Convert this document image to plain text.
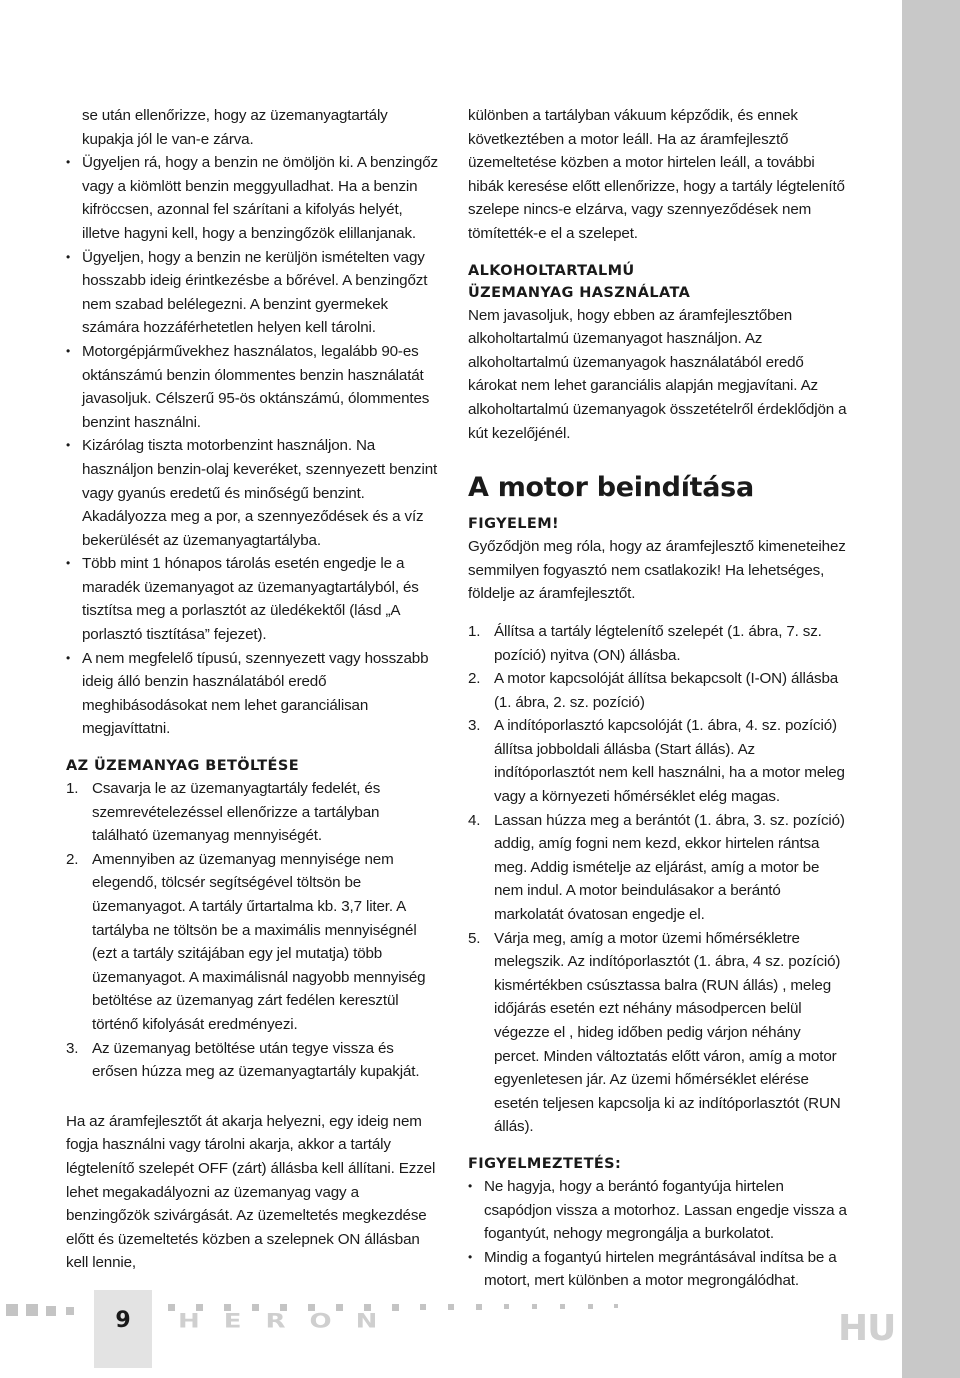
se után ellenőrizze, hogy az üzemanyagtartály kupakja jól le van-e zárva.

• Ügyeljen rá, hogy a benzin ne ömöljön ki. A benzingőz vagy a kiömlött benzin meggyulladhat. Ha a benzin kifröccsen, azonnal fel szárítani a kifolyás helyét, illetve hagyni kell, hogy a benzingőzök elillanjanak.
• Ügyeljen, hogy a benzin ne kerüljön ismételten vagy hosszabb ideig érintkezésbe a bőrével. A benzingőzt nem szabad belélegezni. A benzint gyermekek számára hozzáférhetetlen helyen kell tárolni.
• Motorgépjárművekhez használatos, legalább 90-es oktánszámú benzin ólommentes benzin használatát javasoljuk. Célszerű 95-ös oktánszámú, ólommentes benzint használni.
• Kizárólag tiszta motorbenzint használjon. Na használjon benzin-olaj keveréket, szennyezett benzint vagy gyanús eredetű és minőségű benzint. Akadályozza meg a por, a szennyeződések és a víz bekerülését az üzemanyagtartályba.
• Több mint 1 hónapos tárolás esetén engedje le a maradék üzemanyagot az üzemanyagtartályból, és tisztítsa meg a porlasztót az üledékektől (lásd „A porlasztó tisztítása” fejezet).
• A nem megfelelő típusú, szennyezett vagy hosszabb ideig álló benzin használatából eredő meghibásodásokat nem lehet garanciálisan megjavíttatni.
AZ ÜZEMANYAG BETÖLTÉSE
1. Csavarja le az üzemanyagtartály fedelét, és szemrevételezéssel ellenőrizze a tartályban található üzemanyag mennyiségét.
2. Amennyiben az üzemanyag mennyisége nem elegendő, tölcsér segítségével töltsön be üzemanyagot. A tartály űrtartalma kb. 3,7 liter. A tartályba ne töltsön be a maximális mennyiségnél (ezt a tartály szitájában egy jel mutatja) több üzemanyagot. A maximálisnál nagyobb mennyiség betöltése az üzemanyag zárt fedélen keresztül történő kifolyását eredményezi.
3. Az üzemanyag betöltése után tegye vissza és erősen húzza meg az üzemanyagtartály kupakját.

Ha az áramfejlesztőt át akarja helyezni, egy ideig nem fogja használni vagy tárolni akarja, akkor a tartály légtelenítő szelepét OFF (zárt) állásba kell állítani. Ezzel lehet megakadályozni az üzemanyag vagy a benzingőzök szivárgását. Az üzemeltetés megkezdése előtt és üzemeltetés közben a szelepnek ON állásban kell lennie,

különben a tartályban vákuum képződik, és ennek következtében a motor leáll. Ha az áramfejlesztő üzemeltetése közben a motor hirtelen leáll, a további hibák keresése előtt ellenőrizze, hogy a tartály légtelenítő szelepe nincs-e elzárva, vagy szennyeződések nem tömítették-e el a szelepet.

ALKOHOLTARTALMÚ
ÜZEMANYAG HASZNÁLATA

Nem javasoljuk, hogy ebben az áramfejlesztőben alkoholtartalmú üzemanyagot használjon. Az alkoholtartalmú üzemanyagok használatából eredő károkat nem lehet garanciális alapján megjavítani. Az alkoholtartalmú üzemanyagok összetételről érdeklődjön a kút kezelőjénél.

A motor beindítása
FIGYELEM!

Győződjön meg róla, hogy az áramfejlesztő kimeneteihez semmilyen fogyasztó nem csatlakozik! Ha lehetséges, földelje az áramfejlesztőt.

1. Állítsa a tartály légtelenítő szelepét (1. ábra, 7. sz. pozíció) nyitva (ON) állásba.
2. A motor kapcsolóját állítsa bekapcsolt (I-ON) állásba (1. ábra, 2. sz. pozíció)
3. A indítóporlasztó kapcsolóját (1. ábra, 4. sz. pozíció) állítsa jobboldali állásba (Start állás). Az indítóporlasztót nem kell használni, ha a motor meleg vagy a környezeti hőmérséklet elég magas.
4. Lassan húzza meg a berántót (1. ábra, 3. sz. pozíció) addig, amíg fogni nem kezd, ekkor hirtelen rántsa meg. Addig ismételje az eljárást, amíg a motor be nem indul. A motor beindulásakor a berántó markolatát óvatosan engedje el.
5. Várja meg, amíg a motor üzemi hőmérsékletre melegszik. Az indítóporlasztót (1. ábra, 4 sz. pozíció) kismértékben csúsztassa balra (RUN állás) , meleg időjárás esetén ezt néhány másodpercen belül végezze el , hideg időben pedig várjon néhány percet. Minden változtatás előtt váron, amíg a motor egyenletesen jár. Az üzemi hőmérséklet elérése esetén teljesen kapcsolja ki az indítóporlasztót (RUN állás).
FIGYELMEZTETÉS:
• Ne hagyja, hogy a berántó fogantyúja hirtelen csapódjon vissza a motorhoz. Lassan engedje vissza a fogantyút, nehogy megrongálja a burkolatot.
• Mindig a fogantyú hirtelen megrántásával indítsa be a motort, mert különben a motor megrongálódhat.
9	HERON	HU
